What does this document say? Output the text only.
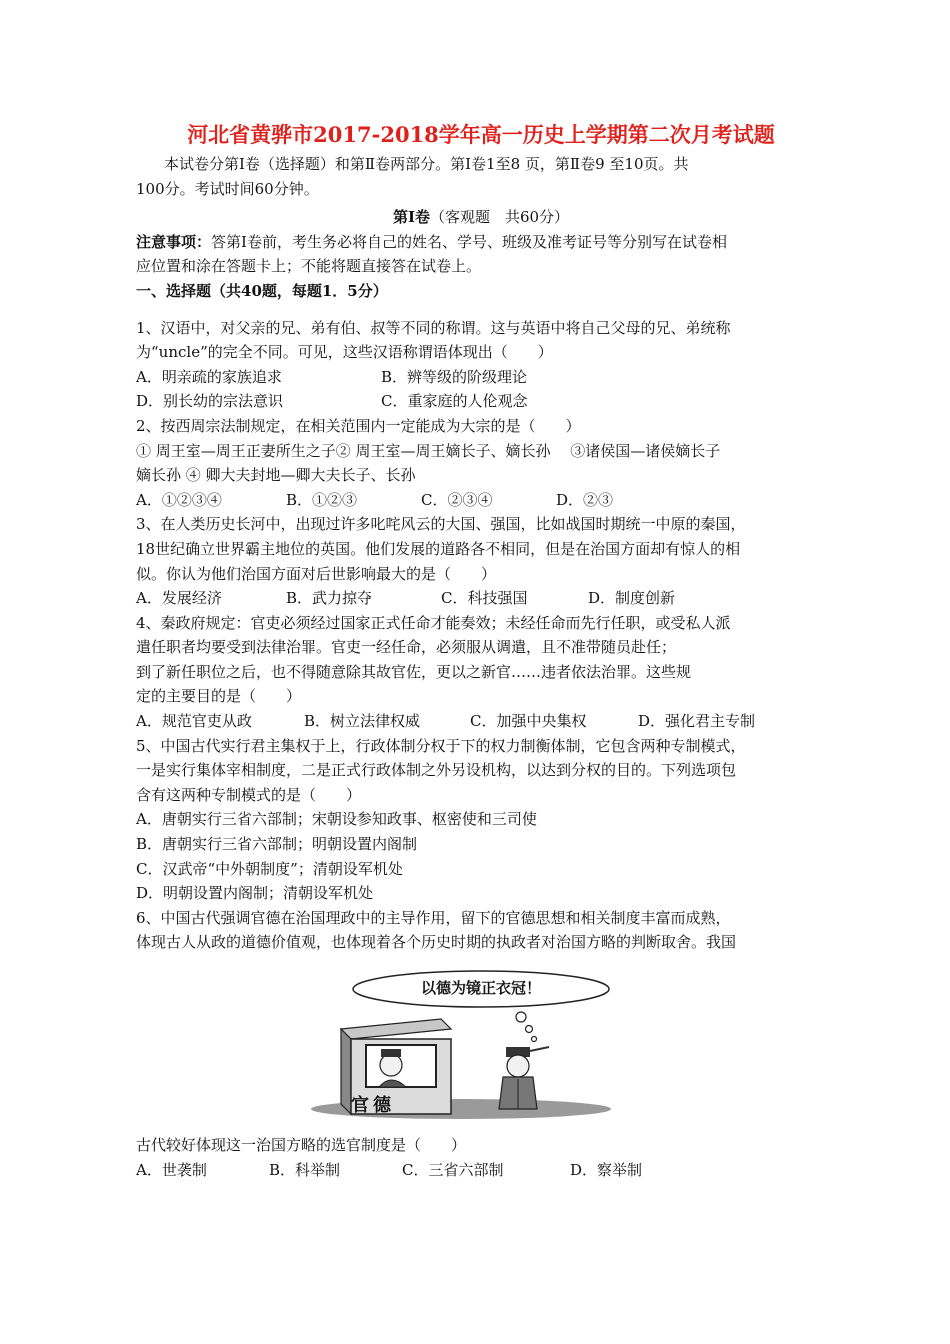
河北省黄骅市2017-2018学年高一历史上学期第二次月考试题
本试卷分第Ⅰ卷（选择题）和第Ⅱ卷两部分。第Ⅰ卷1至8 页，第Ⅱ卷9 至10页。共
100分。考试时间60分钟。
第Ⅰ卷（客观题　共60分）
注意事项：答第Ⅰ卷前，考生务必将自己的姓名、学号、班级及准考证号等分别写在试卷相
应位置和涂在答题卡上；不能将题直接答在试卷上。
一、选择题（共40题，每题1．5分）
1、汉语中，对父亲的兄、弟有伯、叔等不同的称谓。这与英语中将自己父母的兄、弟统称
为“uncle”的完全不同。可见，这些汉语称谓语体现出（　　）
A．明亲疏的家族追求	B．辨等级的阶级理论
D．别长幼的宗法意识	C．重家庭的人伦观念
2、按西周宗法制规定，在相关范围内一定能成为大宗的是（　　）
① 周王室—周王正妻所生之子② 周王室—周王嫡长子、嫡长孙　 ③诸侯国—诸侯嫡长子
嫡长孙 ④ 卿大夫封地—卿大夫长子、长孙
A．①②③④	B．①②③	C．②③④	D．②③
3、在人类历史长河中，出现过许多叱咤风云的大国、强国，比如战国时期统一中原的秦国，
18世纪确立世界霸主地位的英国。他们发展的道路各不相同，但是在治国方面却有惊人的相
似。你认为他们治国方面对后世影响最大的是（　　）
A．发展经济	B．武力掠夺	C．科技强国	D．制度创新
4、秦政府规定：官吏必须经过国家正式任命才能奏效；未经任命而先行任职，或受私人派
遣任职者均要受到法律治罪。官吏一经任命，必须服从调遣，且不准带随员赴任；
到了新任职位之后，也不得随意除其故官佐，更以之新官……违者依法治罪。这些规
定的主要目的是（　　）
A．规范官吏从政	B．树立法律权威	C．加强中央集权	D．强化君主专制
5、中国古代实行君主集权于上，行政体制分权于下的权力制衡体制，它包含两种专制模式，
一是实行集体宰相制度，二是正式行政体制之外另设机构，以达到分权的目的。下列选项包
含有这两种专制模式的是（　　）
A．唐朝实行三省六部制；宋朝设参知政事、枢密使和三司使
B．唐朝实行三省六部制；明朝设置内阁制
C．汉武帝“中外朝制度”；清朝设军机处
D．明朝设置内阁制；清朝设军机处
6、中国古代强调官德在治国理政中的主导作用，留下的官德思想和相关制度丰富而成熟，
体现古人从政的道德价值观，也体现着各个历史时期的执政者对治国方略的判断取舍。我国
以德为镜正衣冠！
官德
古代较好体现这一治国方略的选官制度是（　　）
A．世袭制	B．科举制	C．三省六部制	D．察举制
